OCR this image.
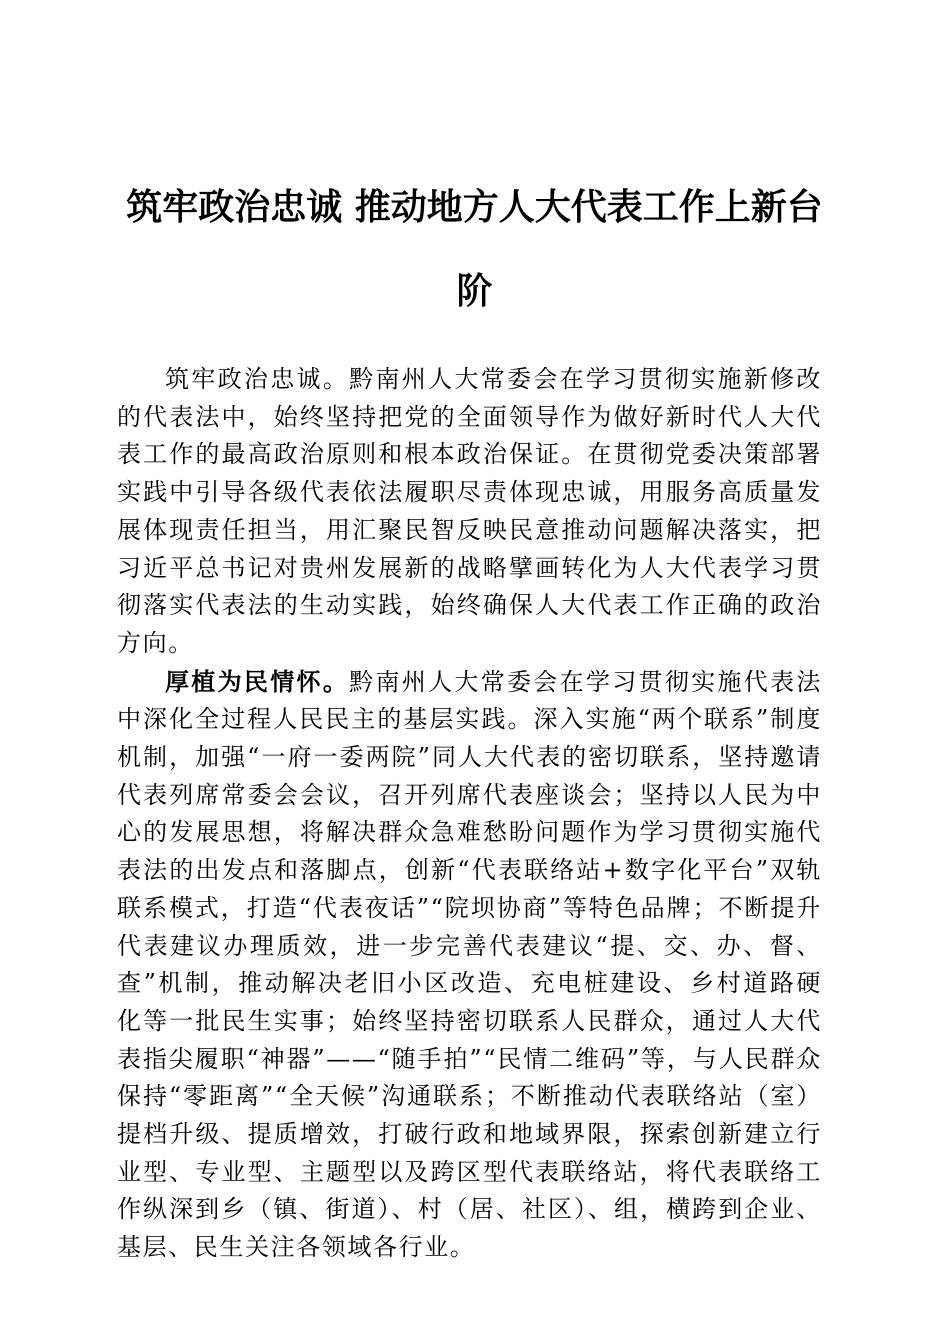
筑牢政治忠诚 推动地方人大代表工作上新台阶

筑牢政治忠诚。黔南州人大常委会在学习贯彻实施新修改的代表法中，始终坚持把党的全面领导作为做好新时代人大代表工作的最高政治原则和根本政治保证。在贯彻党委决策部署实践中引导各级代表依法履职尽责体现忠诚，用服务高质量发展体现责任担当，用汇聚民智反映民意推动问题解决落实，把习近平总书记对贵州发展新的战略擘画转化为人大代表学习贯彻落实代表法的生动实践，始终确保人大代表工作正确的政治方向。

厚植为民情怀。黔南州人大常委会在学习贯彻实施代表法中深化全过程人民民主的基层实践。深入实施“两个联系”制度机制，加强“一府一委两院”同人大代表的密切联系，坚持邀请代表列席常委会会议，召开列席代表座谈会；坚持以人民为中心的发展思想，将解决群众急难愁盼问题作为学习贯彻实施代表法的出发点和落脚点，创新“代表联络站+数字化平台”双轨联系模式，打造“代表夜话”“院坝协商”等特色品牌；不断提升代表建议办理质效，进一步完善代表建议“提、交、办、督、查”机制，推动解决老旧小区改造、充电桩建设、乡村道路硬化等一批民生实事；始终坚持密切联系人民群众，通过人大代表指尖履职“神器”——“随手拍”“民情二维码”等，与人民群众保持“零距离”“全天候”沟通联系；不断推动代表联络站（室）提档升级、提质增效，打破行政和地域界限，探索创新建立行业型、专业型、主题型以及跨区型代表联络站，将代表联络工作纵深到乡（镇、街道）、村（居、社区）、组，横跨到企业、基层、民生关注各领域各行业。
